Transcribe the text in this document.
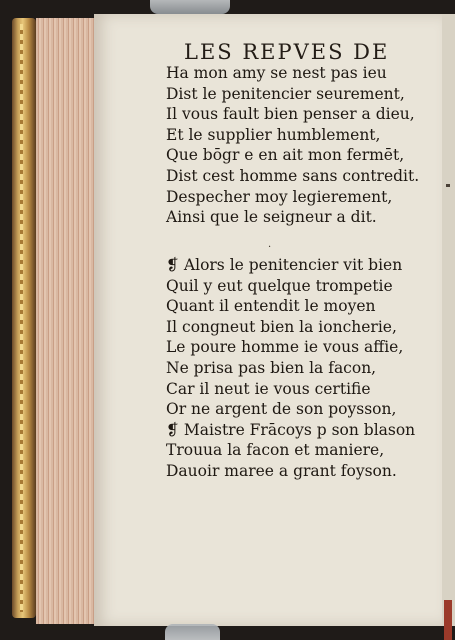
LES REPVES DE
Ha mon amy se nest pas ieu
Dist le penitencier seurement,
Il vous fault bien penser a dieu,
Et le supplier humblement,
Que bōgr e en ait mon fermēt,
Dist cest homme sans contredit.
Despecher moy legierement,
Ainsi que le seigneur a dit.
·
❡ Alors le penitencier vit bien
Quil y eut quelque trompetie
Quant il entendit le moyen
Il congneut bien la ioncherie,
Le poure homme ie vous affie,
Ne prisa pas bien la facon,
Car il neut ie vous certifie
Or ne argent de son poysson,
❡ Maistre Frācoys p son blason
Trouua la facon et maniere,
Dauoir maree a grant foyson.
